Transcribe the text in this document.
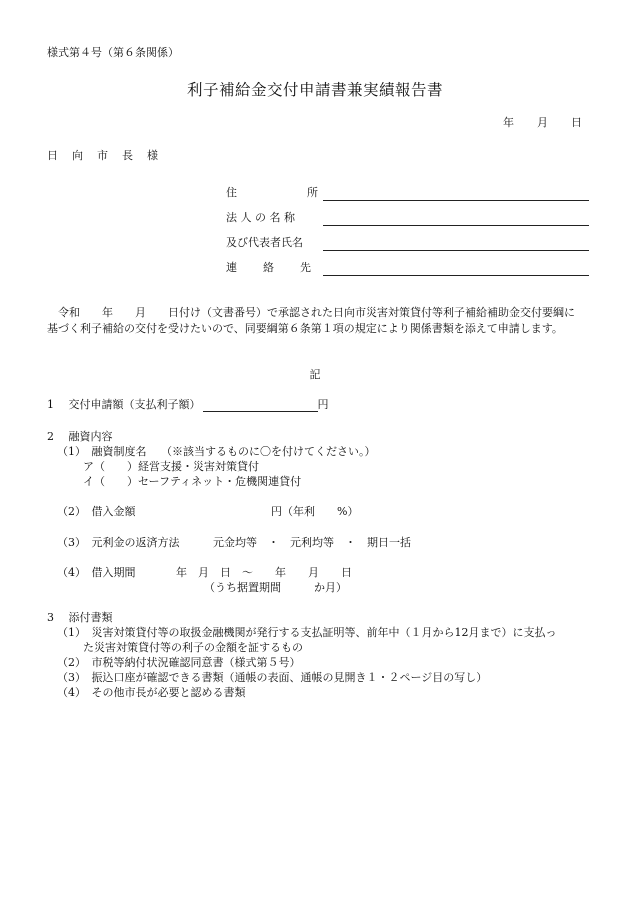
様式第４号（第６条関係）
利子補給金交付申請書兼実績報告書
年 月 日
日 向 市 長 様
住	所
法 人 の 名 称
及び代表者氏名
連 絡 先
令和　　年　　月　　日付け（文書番号）で承認された日向市災害対策貸付等利子補給補助金交付要綱に基づく利子補給の交付を受けたいので、同要綱第６条第１項の規定により関係書類を添えて申請します。
記
1　 交付申請額（支払利子額）	円
2　 融資内容
（1）　融資制度名　 （※該当するものに〇を付けてください。）
ア（　　）経営支援・災害対策貸付
イ（　　）セーフティネット・危機関連貸付
（2）　借入金額	円（年利　　%）
（3）　元利金の返済方法	元金均等　・　元利均等　・　期日一括
（4）　借入期間	年　月　日　～　　年　　月　　日
（うち据置期間　　　か月）
3　 添付書類
（1）　災害対策貸付等の取扱金融機関が発行する支払証明等、前年中（１月から12月まで）に支払っ
た災害対策貸付等の利子の金額を証するもの
（2）　市税等納付状況確認同意書（様式第５号）
（3）　振込口座が確認できる書類（通帳の表面、通帳の見開き１・２ページ目の写し）
（4）　その他市長が必要と認める書類
